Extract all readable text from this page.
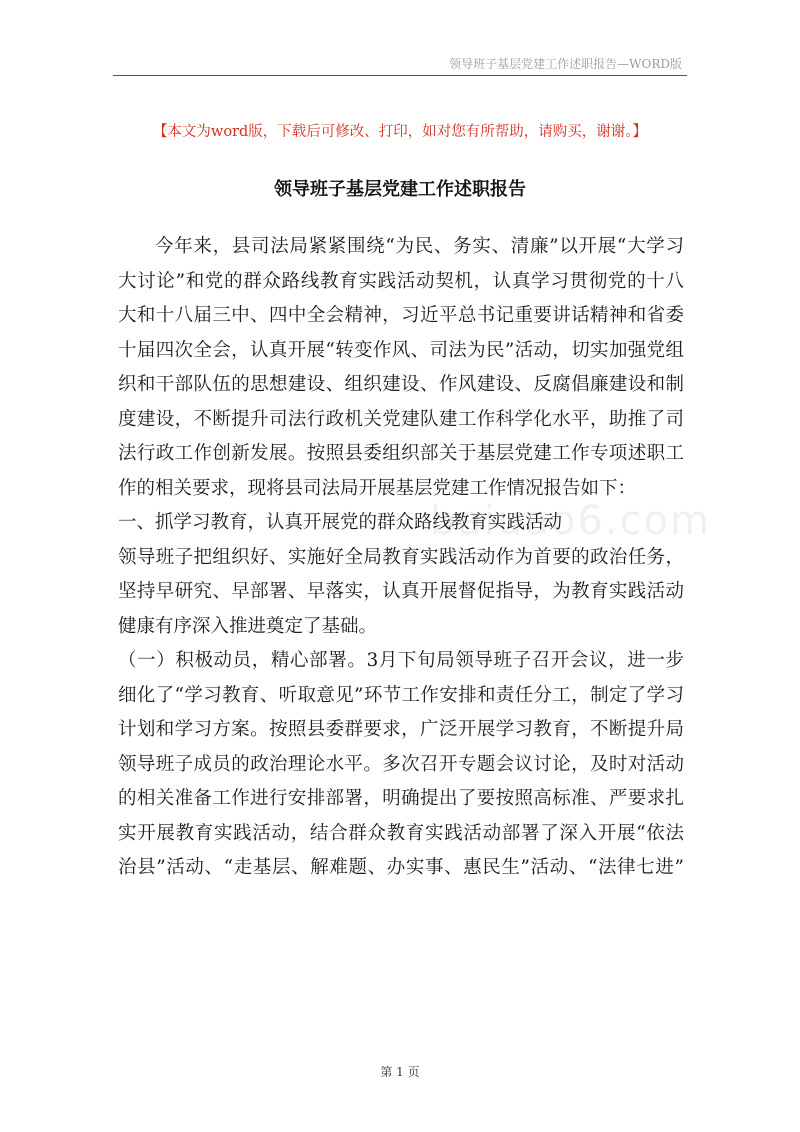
领导班子基层党建工作述职报告—WORD版
【本文为word版，下载后可修改、打印，如对您有所帮助，请购买，谢谢。】
领导班子基层党建工作述职报告
baiuao6.com
今年来，县司法局紧紧围绕“为民、务实、清廉”以开展“大学习
大讨论”和党的群众路线教育实践活动契机，认真学习贯彻党的十八
大和十八届三中、四中全会精神，习近平总书记重要讲话精神和省委
十届四次全会，认真开展“转变作风、司法为民”活动，切实加强党组
织和干部队伍的思想建设、组织建设、作风建设、反腐倡廉建设和制
度建设，不断提升司法行政机关党建队建工作科学化水平，助推了司
法行政工作创新发展。按照县委组织部关于基层党建工作专项述职工
作的相关要求，现将县司法局开展基层党建工作情况报告如下：
一、抓学习教育，认真开展党的群众路线教育实践活动
领导班子把组织好、实施好全局教育实践活动作为首要的政治任务，
坚持早研究、早部署、早落实，认真开展督促指导，为教育实践活动
健康有序深入推进奠定了基础。
（一）积极动员，精心部署。3月下旬局领导班子召开会议，进一步
细化了“学习教育、听取意见”环节工作安排和责任分工，制定了学习
计划和学习方案。按照县委群要求，广泛开展学习教育，不断提升局
领导班子成员的政治理论水平。多次召开专题会议讨论，及时对活动
的相关准备工作进行安排部署，明确提出了要按照高标准、严要求扎
实开展教育实践活动，结合群众教育实践活动部署了深入开展“依法
治县”活动、“走基层、解难题、办实事、惠民生”活动、“法律七进”
第 1 页
